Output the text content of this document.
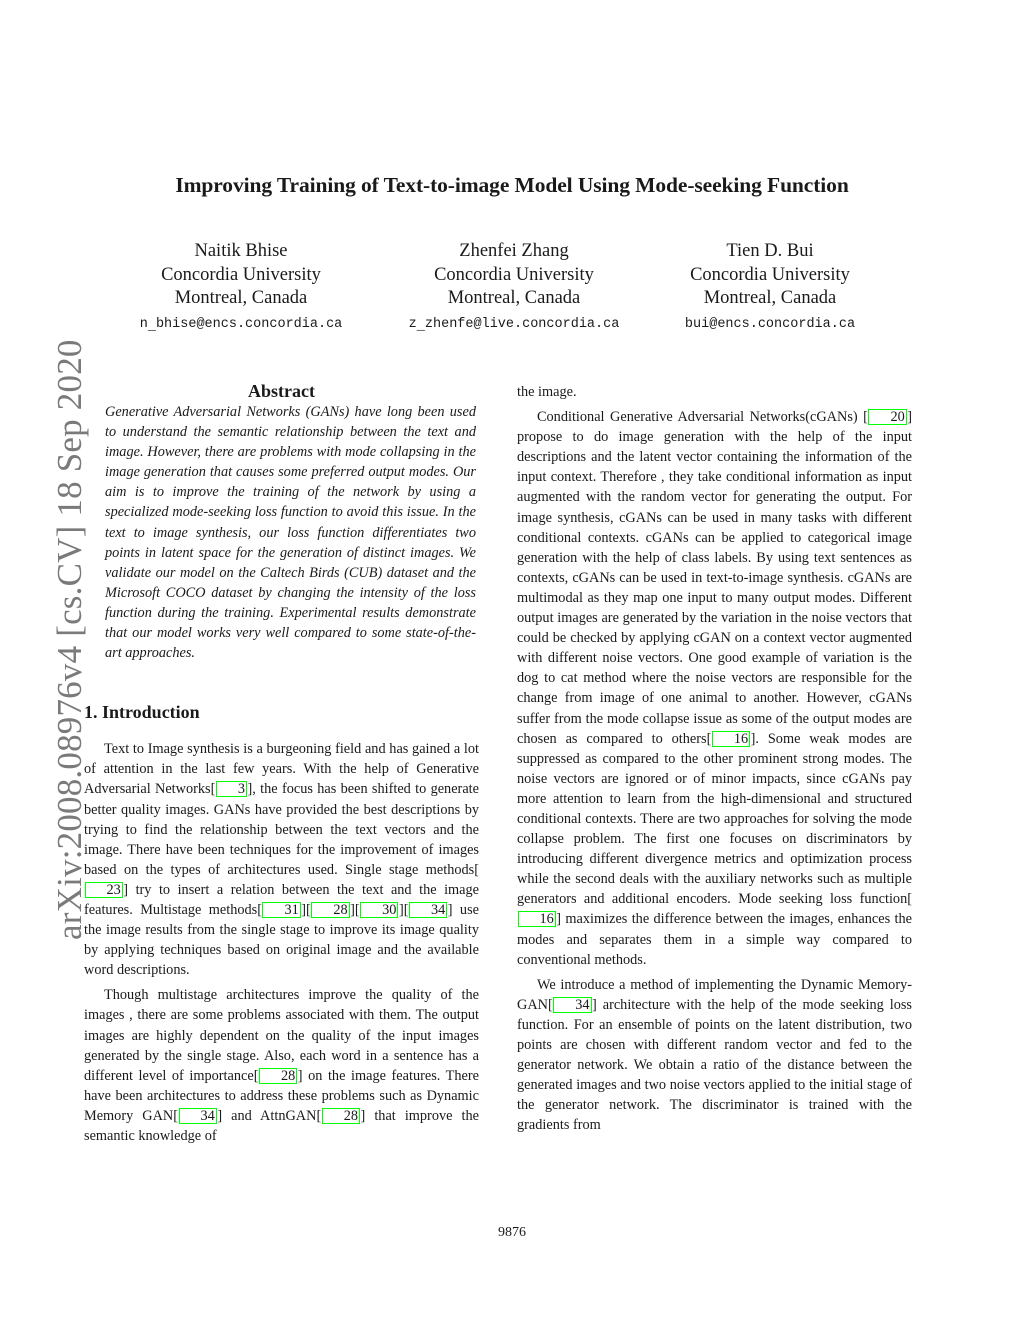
arXiv:2008.08976v4 [cs.CV] 18 Sep 2020
Improving Training of Text-to-image Model Using Mode-seeking Function
Naitik Bhise
Concordia University
Montreal, Canada
n_bhise@encs.concordia.ca
Zhenfei Zhang
Concordia University
Montreal, Canada
z_zhenfe@live.concordia.ca
Tien D. Bui
Concordia University
Montreal, Canada
bui@encs.concordia.ca
Abstract

Generative Adversarial Networks (GANs) have long been used to understand the semantic relationship between the text and image. However, there are problems with mode collapsing in the image generation that causes some preferred output modes. Our aim is to improve the training of the network by using a specialized mode-seeking loss function to avoid this issue. In the text to image synthesis, our loss function differentiates two points in latent space for the generation of distinct images. We validate our model on the Caltech Birds (CUB) dataset and the Microsoft COCO dataset by changing the intensity of the loss function during the training. Experimental results demonstrate that our model works very well compared to some state-of-the-art approaches.

1. Introduction

Text to Image synthesis is a burgeoning field and has gained a lot of attention in the last few years. With the help of Generative Adversarial Networks[ 3 ], the focus has been shifted to generate better quality images. GANs have provided the best descriptions by trying to find the relationship between the text vectors and the image. There have been techniques for the improvement of images based on the types of architectures used. Single stage methods[23 ] try to insert a relation between the text and the image features. Multistage methods[ 31 ][ 28 ][ 30 ][ 34 ] use the image results from the single stage to improve its image quality by applying techniques based on original image and the available word descriptions.

Though multistage architectures improve the quality of the images , there are some problems associated with them. The output images are highly dependent on the quality of the input images generated by the single stage. Also, each word in a sentence has a different level of importance[ 28 ] on the image features. There have been architectures to address these problems such as Dynamic Memory GAN[ 34 ] and AttnGAN[ 28 ] that improve the semantic knowledge of

the image.

Conditional Generative Adversarial Networks(cGANs) [ 20 ] propose to do image generation with the help of the input descriptions and the latent vector containing the information of the input context. Therefore , they take conditional information as input augmented with the random vector for generating the output. For image synthesis, cGANs can be used in many tasks with different conditional contexts. cGANs can be applied to categorical image generation with the help of class labels. By using text sentences as contexts, cGANs can be used in text-to-image synthesis. cGANs are multimodal as they map one input to many output modes. Different output images are generated by the variation in the noise vectors that could be checked by applying cGAN on a context vector augmented with different noise vectors. One good example of variation is the dog to cat method where the noise vectors are responsible for the change from image of one animal to another. However, cGANs suffer from the mode collapse issue as some of the output modes are chosen as compared to others[ 16 ]. Some weak modes are suppressed as compared to the other prominent strong modes. The noise vectors are ignored or of minor impacts, since cGANs pay more attention to learn from the high-dimensional and structured conditional contexts. There are two approaches for solving the mode collapse problem. The first one focuses on discriminators by introducing different divergence metrics and optimization process while the second deals with the auxiliary networks such as multiple generators and additional encoders. Mode seeking loss function[16 ] maximizes the difference between the images, enhances the modes and separates them in a simple way compared to conventional methods.

We introduce a method of implementing the Dynamic Memory-GAN[ 34 ] architecture with the help of the mode seeking loss function. For an ensemble of points on the latent distribution, two points are chosen with different random vector and fed to the generator network. We obtain a ratio of the distance between the generated images and two noise vectors applied to the initial stage of the generator network. The discriminator is trained with the gradients from

9876
